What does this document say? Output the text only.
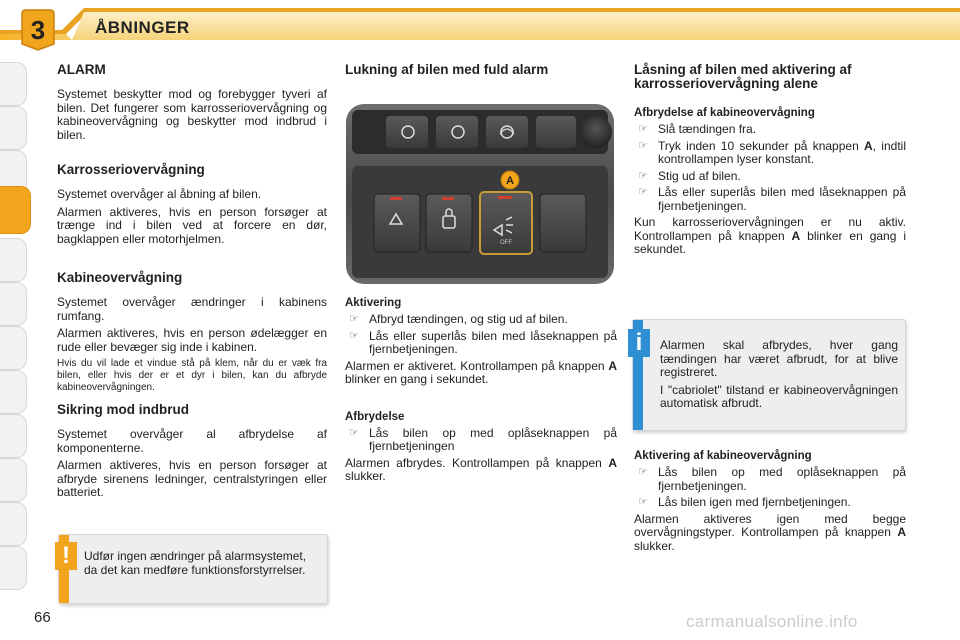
3	ÅBNINGER
ALARM

Systemet beskytter mod og forebygger tyveri af bilen. Det fungerer som karrosseriovervågning og kabineovervågning og beskytter mod indbrud i bilen.

Karrosseriovervågning

Systemet overvåger al åbning af bilen.

Alarmen aktiveres, hvis en person forsøger at trænge ind i bilen ved at forcere en dør, bagklappen eller motorhjelmen.

Kabineovervågning

Systemet overvåger ændringer i kabinens rumfang.

Alarmen aktiveres, hvis en person ødelægger en rude eller bevæger sig inde i kabinen.

Hvis du vil lade et vindue stå på klem, når du er væk fra bilen, eller hvis der er et dyr i bilen, kan du afbryde kabineovervågningen.

Sikring mod indbrud

Systemet overvåger al afbrydelse af komponenterne.

Alarmen aktiveres, hvis en person forsøger at afbryde sirenens ledninger, centralstyringen eller batteriet.

!	Udfør ingen ændringer på alarmsystemet, da det kan medføre funktionsforstyrrelser.

Lukning af bilen med fuld alarm
OFF
A
Aktivering
☞ Afbryd tændingen, og stig ud af bilen.
☞ Lås eller superlås bilen med låseknappen på fjernbetjeningen.

Alarmen er aktiveret. Kontrollampen på knappen A blinker en gang i sekundet.

Afbrydelse
☞ Lås bilen op med oplåseknappen på fjernbetjeningen

Alarmen afbrydes. Kontrollampen på knappen A slukker.

Låsning af bilen med aktivering af karrosseriovervågning alene
Afbrydelse af kabineovervågning
☞ Slå tændingen fra.
☞ Tryk inden 10 sekunder på knappen A, indtil kontrollampen lyser konstant.
☞ Stig ud af bilen.
☞ Lås eller superlås bilen med låseknappen på fjernbetjeningen.

Kun karrosseriovervågningen er nu aktiv. Kontrollampen på knappen A blinker en gang i sekundet.

i	Alarmen skal afbrydes, hver gang tændingen har været afbrudt, for at blive registreret.

I "cabriolet" tilstand er kabineovervågningen automatisk afbrudt.

Aktivering af kabineovervågning
☞ Lås bilen op med oplåseknappen på fjernbetjeningen.
☞ Lås bilen igen med fjernbetjeningen.

Alarmen aktiveres igen med begge overvågningstyper. Kontrollampen på knappen A slukker.

66	carmanualsonline.info
